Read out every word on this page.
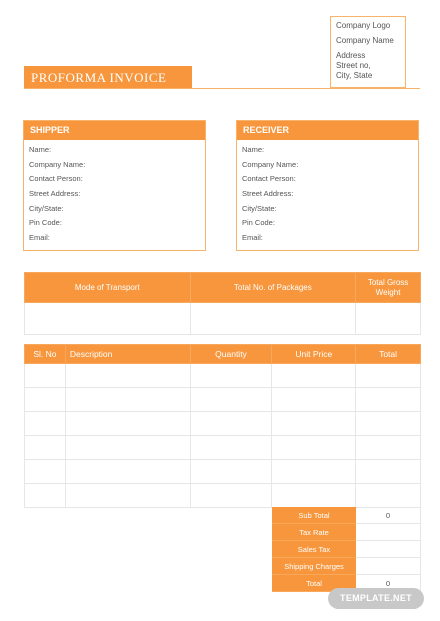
Company Logo
Company Name
Address
Street no,
City, State
PROFORMA INVOICE
SHIPPER
Name:
Company Name:
Contact Person:
Street Address:
City/State:
Pin Code:
Email:
RECEIVER
Name:
Company Name:
Contact Person:
Street Address:
City/State:
Pin Code:
Email:
Mode of Transport	Total No. of Packages	Total Gross Weight

Sl. No	Description	Quantity	Unit Price	Total

Sub Total	0
Tax Rate
Sales Tax
Shipping Charges
Total	0
TEMPLATE.NET
